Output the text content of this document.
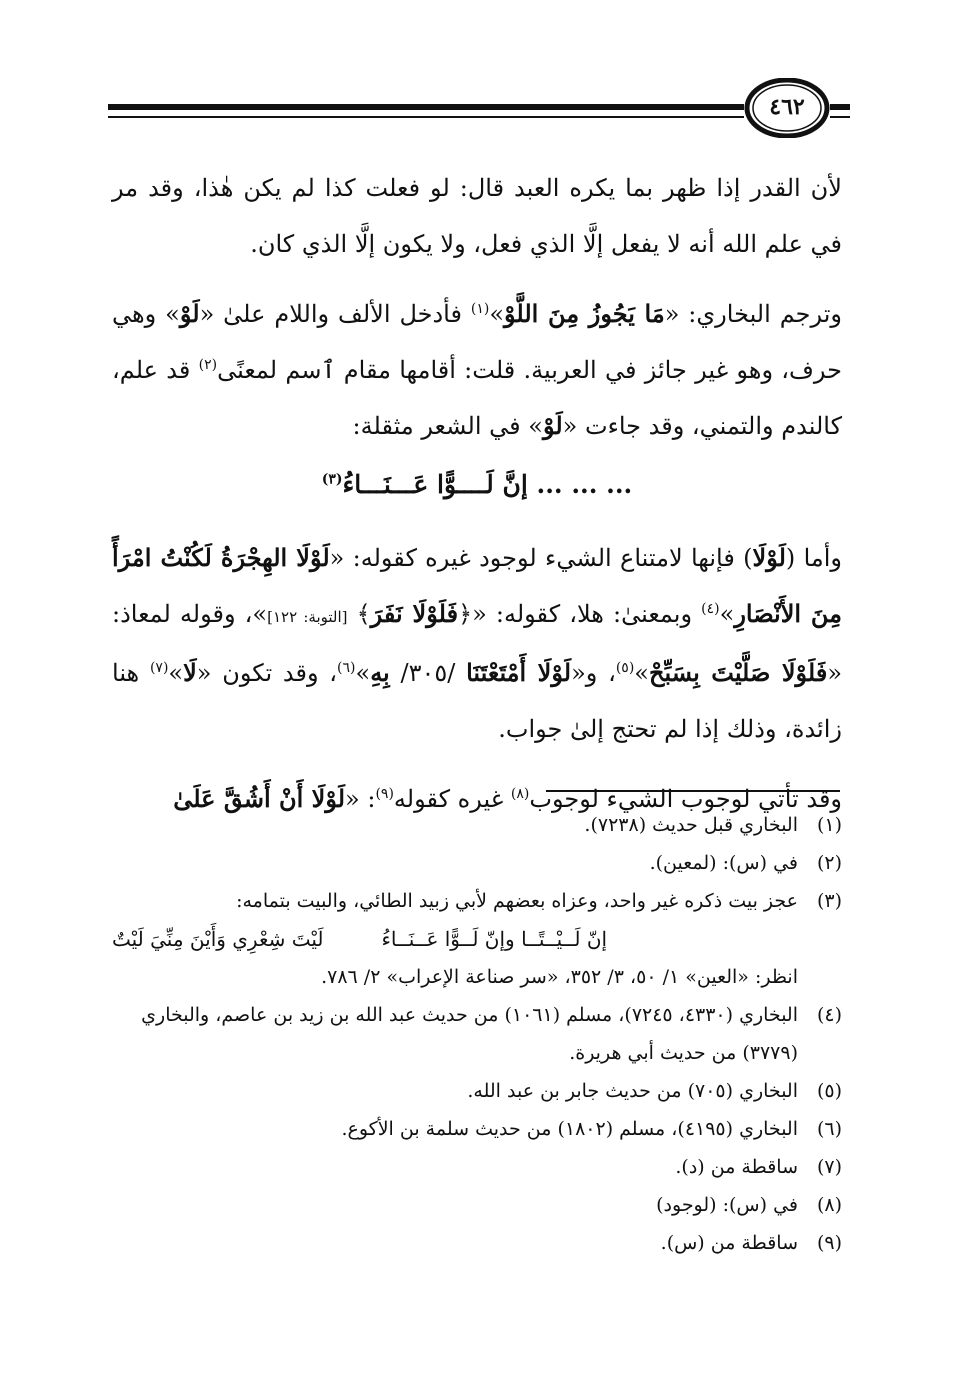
٤٦٢

لأن القدر إذا ظهر بما يكره العبد قال: لو فعلت كذا لم يكن هٰذا، وقد مر في علم الله أنه لا يفعل إلَّا الذي فعل، ولا يكون إلَّا الذي كان.

وترجم البخاري: «مَا يَجُوزُ مِنَ اللَّوْ»$^{(١)}$ فأدخل الألف واللام علىٰ «لَوْ» وهي حرف، وهو غير جائز في العربية. قلت: أقامها مقام ٱسم لمعنًى$^{(٢)}$ قد علم، كالندم والتمني، وقد جاءت «لَوْ» في الشعر مثقلة:

... ... ... إنَّ لَــــوًّا عَـــنَـــاءُ$^{(٣)}$

وأما (لَوْلَا) فإنها لامتناع الشيء لوجود غيره كقوله: «لَوْلَا الهِجْرَةُ لَكُنْتُ امْرَأً مِنَ الأَنْصَارِ»$^{(٤)}$ وبمعنىٰ: هلا، كقوله: «﴿فَلَوْلَا نَفَرَ﴾ [التوبة: ١٢٢]»، وقوله لمعاذ: «فَلَوْلَا صَلَّيْتَ بِسَبِّحْ»$^{(٥)}$، و«لَوْلَا أَمْتَعْتَنَا /٣٠٥/ بِهِ»$^{(٦)}$، وقد تكون «لَا»$^{(٧)}$ هنا زائدة، وذلك إذا لم تحتج إلىٰ جواب.

وقد تأتي لوجوب الشيء لوجوب$^{(٨)}$ غيره كقوله$^{(٩)}$: «لَوْلَا أَنْ أَشُقَّ عَلَىٰ

(١)
البخاري قبل حديث (٧٢٣٨).
(٢)
في (س): (لمعين).
(٣)
عجز بيت ذكره غير واحد، وعزاه بعضهم لأبي زبيد الطائي، والبيت بتمامه:
لَيْتَ شِعْرِي وَأَيْنَ مِنِّيَ لَيْتٌ	إنّ لَــيْــتًــا وإنّ لَــوًّا عَــنَــاءُ
انظر: «العين» ١/ ٥٠، ٣/ ٣٥٢، «سر صناعة الإعراب» ٢/ ٧٨٦.
(٤)
البخاري (٤٣٣٠، ٧٢٤٥)، مسلم (١٠٦١) من حديث عبد الله بن زيد بن عاصم، والبخاري (٣٧٧٩) من حديث أبي هريرة.
(٥)
البخاري (٧٠٥) من حديث جابر بن عبد الله.
(٦)
البخاري (٤١٩٥)، مسلم (١٨٠٢) من حديث سلمة بن الأكوع.
(٧)
ساقطة من (د).
(٨)
في (س): (لوجود)
(٩)
ساقطة من (س).
